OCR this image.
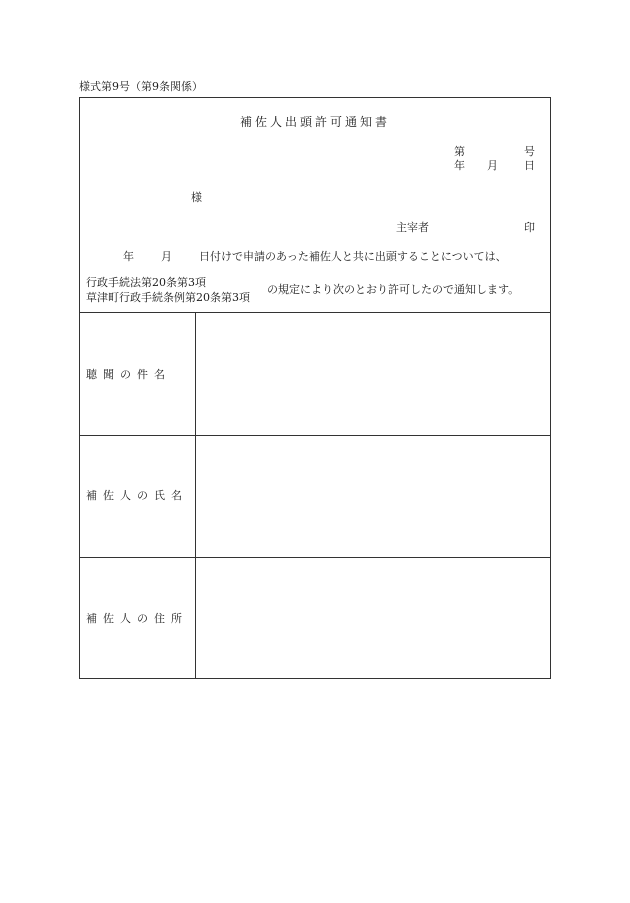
様式第9号（第9条関係）
補佐人出頭許可通知書
第	号
年 月 日
様
主宰者	印
年 月 日付けで申請のあった補佐人と共に出頭することについては、
行政手続法第20条第3項
草津町行政手続条例第20条第3項
の規定により次のとおり許可したので通知します。
聴聞の件名
補佐人の氏名
補佐人の住所
